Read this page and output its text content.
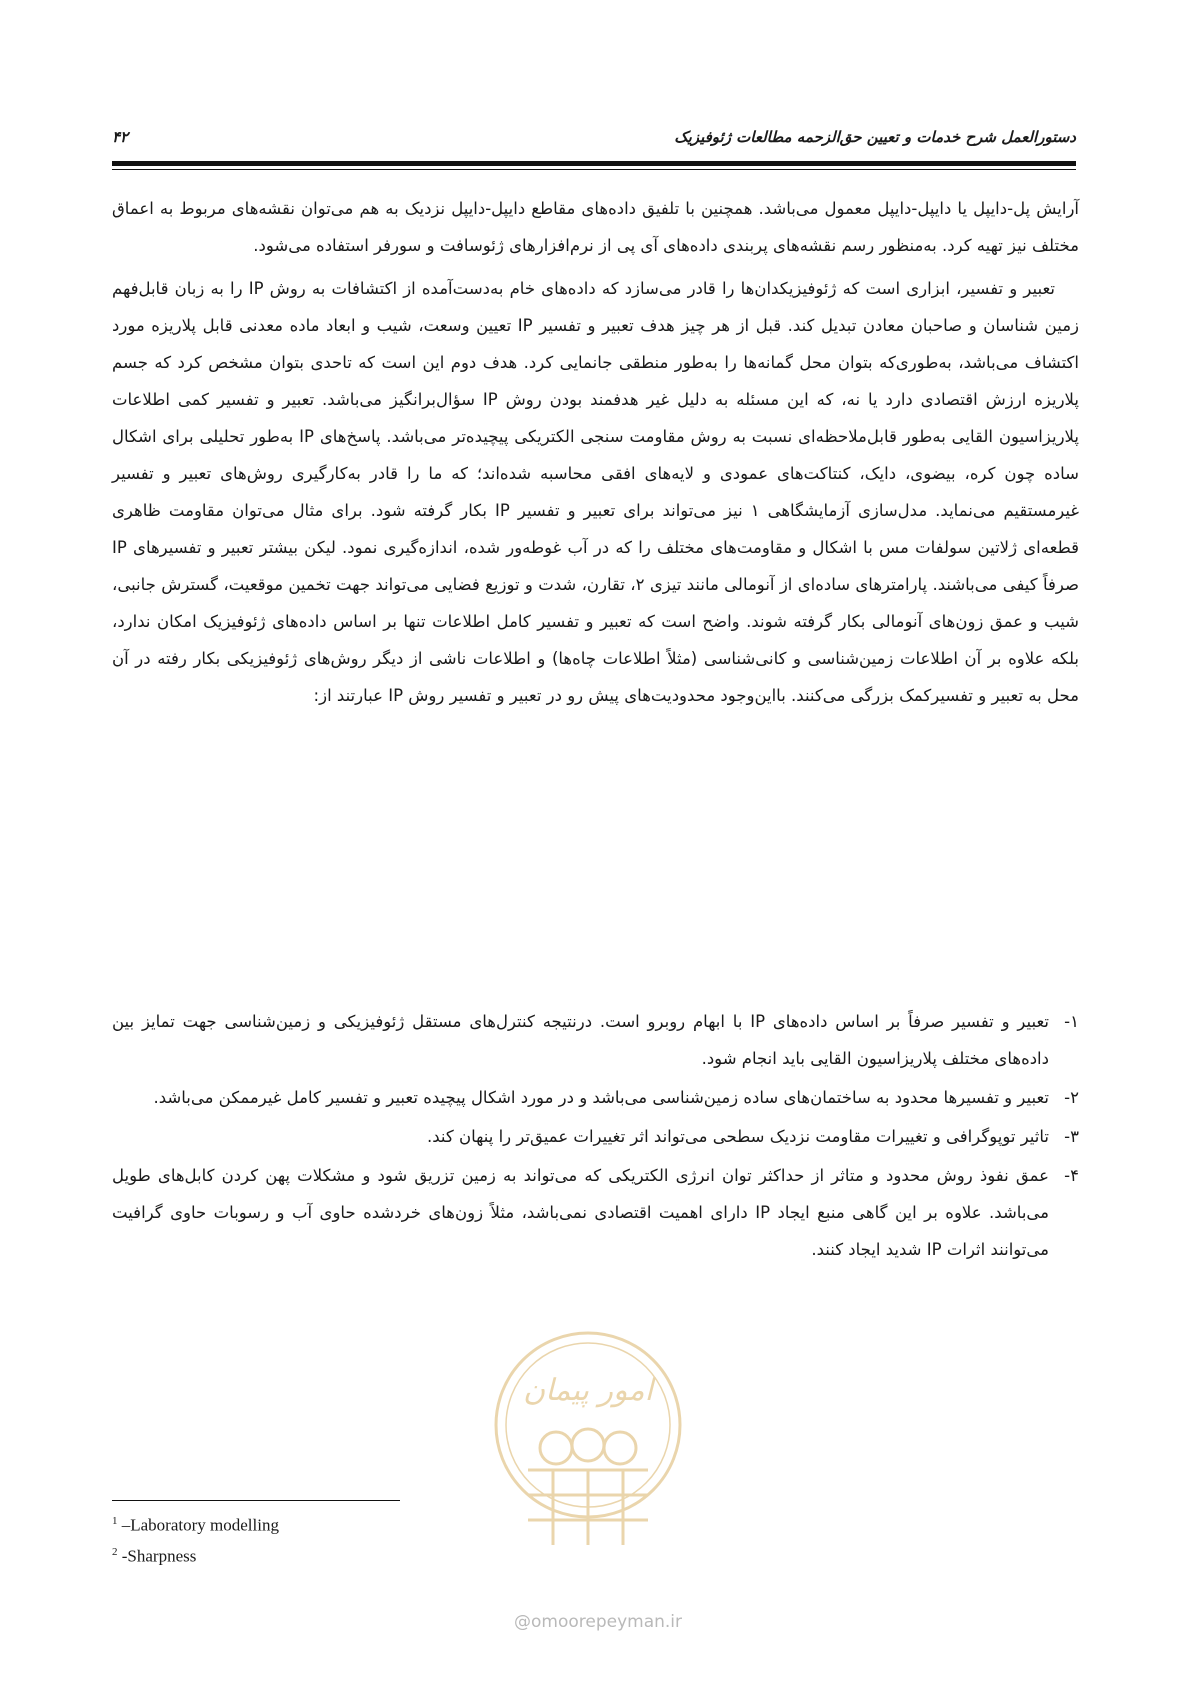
دستورالعمل شرح خدمات و تعیین حق‌الزحمه مطالعات ژئوفیزیک
۴۲

آرایش پل-دایپل یا دایپل-دایپل معمول می‌باشد. همچنین با تلفیق داده‌های مقاطع دایپل-دایپل نزدیک به هم می‌توان نقشه‌های مربوط به اعماق مختلف نیز تهیه کرد. به‌منظور رسم نقشه‌های پربندی داده‌های آی پی از نرم‌افزارهای ژئوسافت و سورفر استفاده می‌شود.

تعبیر و تفسیر، ابزاری است که ژئوفیزیکدان‌ها را قادر می‌سازد که داده‌های خام به‌دست‌آمده از اکتشافات به روش IP را به زبان قابل‌فهم زمین شناسان و صاحبان معادن تبدیل کند. قبل از هر چیز هدف تعبیر و تفسیر IP تعیین وسعت، شیب و ابعاد ماده معدنی قابل پلاریزه مورد اکتشاف می‌باشد، به‌طوری‌که بتوان محل گمانه‌ها را به‌طور منطقی جانمایی کرد. هدف دوم این است که تاحدی بتوان مشخص کرد که جسم پلاریزه ارزش اقتصادی دارد یا نه، که این مسئله به دلیل غیر هدفمند بودن روش IP سؤال‌برانگیز می‌باشد. تعبیر و تفسیر کمی اطلاعات پلاریزاسیون القایی به‌طور قابل‌ملاحظه‌ای نسبت به روش مقاومت سنجی الکتریکی پیچیده‌تر می‌باشد. پاسخ‌های IP به‌طور تحلیلی برای اشکال ساده چون کره، بیضوی، دایک، کنتاکت‌های عمودی و لایه‌های افقی محاسبه شده‌اند؛ که ما را قادر به‌کارگیری روش‌های تعبیر و تفسیر غیرمستقیم می‌نماید. مدل‌سازی آزمایشگاهی ۱ نیز می‌تواند برای تعبیر و تفسیر IP بکار گرفته شود. برای مثال می‌توان مقاومت ظاهری قطعه‌ای ژلاتین سولفات مس با اشکال و مقاومت‌های مختلف را که در آب غوطه‌ور شده، اندازه‌گیری نمود. لیکن بیشتر تعبیر و تفسیرهای IP صرفاً کیفی می‌باشند. پارامترهای ساده‌ای از آنومالی مانند تیزی ۲، تقارن، شدت و توزیع فضایی می‌تواند جهت تخمین موقعیت، گسترش جانبی، شیب و عمق زون‌های آنومالی بکار گرفته شوند. واضح است که تعبیر و تفسیر کامل اطلاعات تنها بر اساس داده‌های ژئوفیزیک امکان ندارد، بلکه علاوه بر آن اطلاعات زمین‌شناسی و کانی‌شناسی (مثلاً اطلاعات چاه‌ها) و اطلاعات ناشی از دیگر روش‌های ژئوفیزیکی بکار رفته در آن محل به تعبیر و تفسیرکمک بزرگی می‌کنند. بااین‌وجود محدودیت‌های پیش رو در تعبیر و تفسیر روش IP عبارتند از:

۱-
تعبیر و تفسیر صرفاً بر اساس داده‌های IP با ابهام روبرو است. درنتیجه کنترل‌های مستقل ژئوفیزیکی و زمین‌شناسی جهت تمایز بین داده‌های مختلف پلاریزاسیون القایی باید انجام شود.
۲-
تعبیر و تفسیرها محدود به ساختمان‌های ساده زمین‌شناسی می‌باشد و در مورد اشکال پیچیده تعبیر و تفسیر کامل غیرممکن می‌باشد.
۳-
تاثیر توپوگرافی و تغییرات مقاومت نزدیک سطحی می‌تواند اثر تغییرات عمیق‌تر را پنهان کند.
۴-
عمق نفوذ روش محدود و متاثر از حداکثر توان انرژی الکتریکی که می‌تواند به زمین تزریق شود و مشکلات پهن کردن کابل‌های طویل می‌باشد. علاوه بر این گاهی منبع ایجاد IP دارای اهمیت اقتصادی نمی‌باشد، مثلاً زون‌های خردشده حاوی آب و رسوبات حاوی گرافیت می‌توانند اثرات IP شدید ایجاد کنند.
$^1$ –Laboratory modelling
$^2$ -Sharpness
امور پیمان
@omoorepeyman.ir
